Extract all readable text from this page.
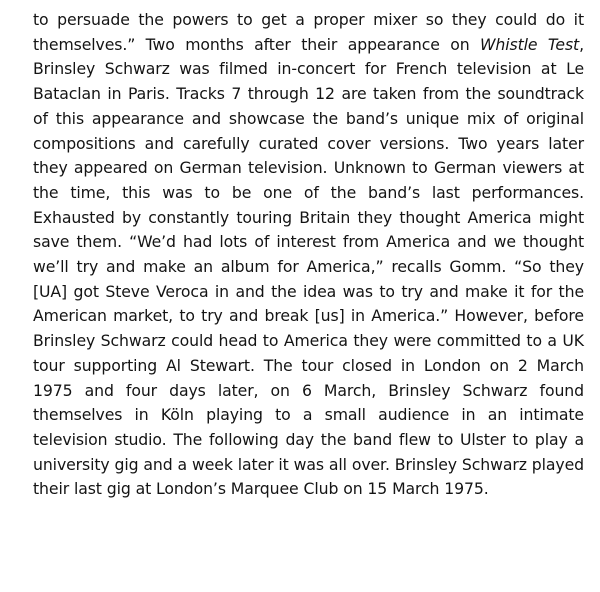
to persuade the powers to get a proper mixer so they could do it themselves.” Two months after their appearance on Whistle Test, Brinsley Schwarz was filmed in-concert for French television at Le Bataclan in Paris. Tracks 7 through 12 are taken from the soundtrack of this appearance and showcase the band’s unique mix of original compositions and carefully curated cover versions. Two years later they appeared on German television. Unknown to German viewers at the time, this was to be one of the band’s last performances. Exhausted by constantly touring Britain they thought America might save them. “We’d had lots of interest from America and we thought we’ll try and make an album for America,” recalls Gomm. “So they [UA] got Steve Veroca in and the idea was to try and make it for the American market, to try and break [us] in America.” However, before Brinsley Schwarz could head to America they were committed to a UK tour supporting Al Stewart. The tour closed in London on 2 March 1975 and four days later, on 6 March, Brinsley Schwarz found themselves in Köln playing to a small audience in an intimate television studio. The following day the band flew to Ulster to play a university gig and a week later it was all over. Brinsley Schwarz played their last gig at London’s Marquee Club on 15 March 1975.
